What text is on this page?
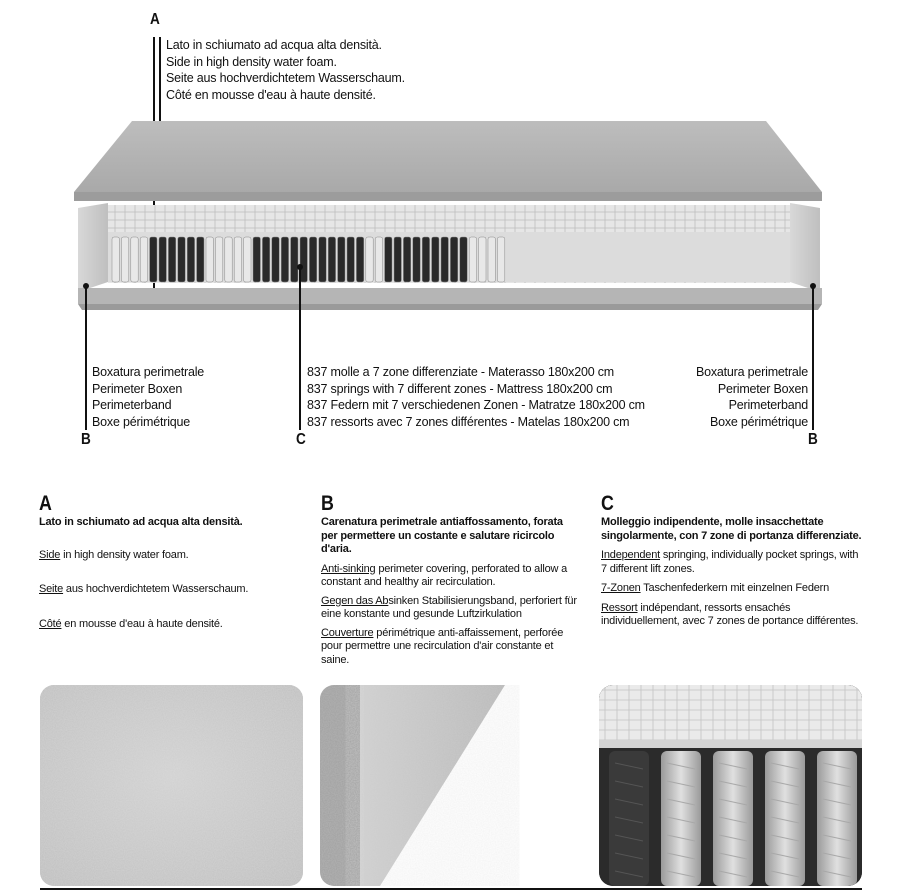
A
Lato in schiumato ad acqua alta densità.
Side in high density water foam.
Seite aus hochverdichtetem Wasserschaum.
Côté en mousse d'eau à haute densité.
Boxatura perimetrale
Perimeter Boxen
Perimeterband
Boxe périmétrique
B
837 molle a 7 zone differenziate - Materasso 180x200 cm
837 springs with 7 different zones - Mattress 180x200 cm
837 Federn mit 7 verschiedenen Zonen - Matratze 180x200 cm
837 ressorts avec 7 zones différentes - Matelas 180x200 cm
C
Boxatura perimetrale
Perimeter Boxen
Perimeterband
Boxe périmétrique
B
A

Lato in schiumato ad acqua alta densità.

Side in high density water foam.

Seite aus hochverdichtetem Wasserschaum.

Côté en mousse d'eau à haute densité.

B

Carenatura perimetrale antiaffossamento, forata per permettere un costante e salutare ricircolo d'aria.

Anti-sinking perimeter covering, perforated to allow a constant and healthy air recirculation.

Gegen das Absinken Stabilisierungsband, perforiert für eine konstante und gesunde Luftzirkulation

Couverture périmétrique anti-affaissement, perforée pour permettre une recirculation d'air constante et saine.

C

Molleggio indipendente, molle insacchettate singolarmente, con 7 zone di portanza differenziate.

Independent springing, individually pocket springs, with 7 different lift zones.

7-Zonen Taschenfederkern mit einzelnen Federn

Ressort indépendant, ressorts ensachés individuellement, avec 7 zones de portance différentes.
